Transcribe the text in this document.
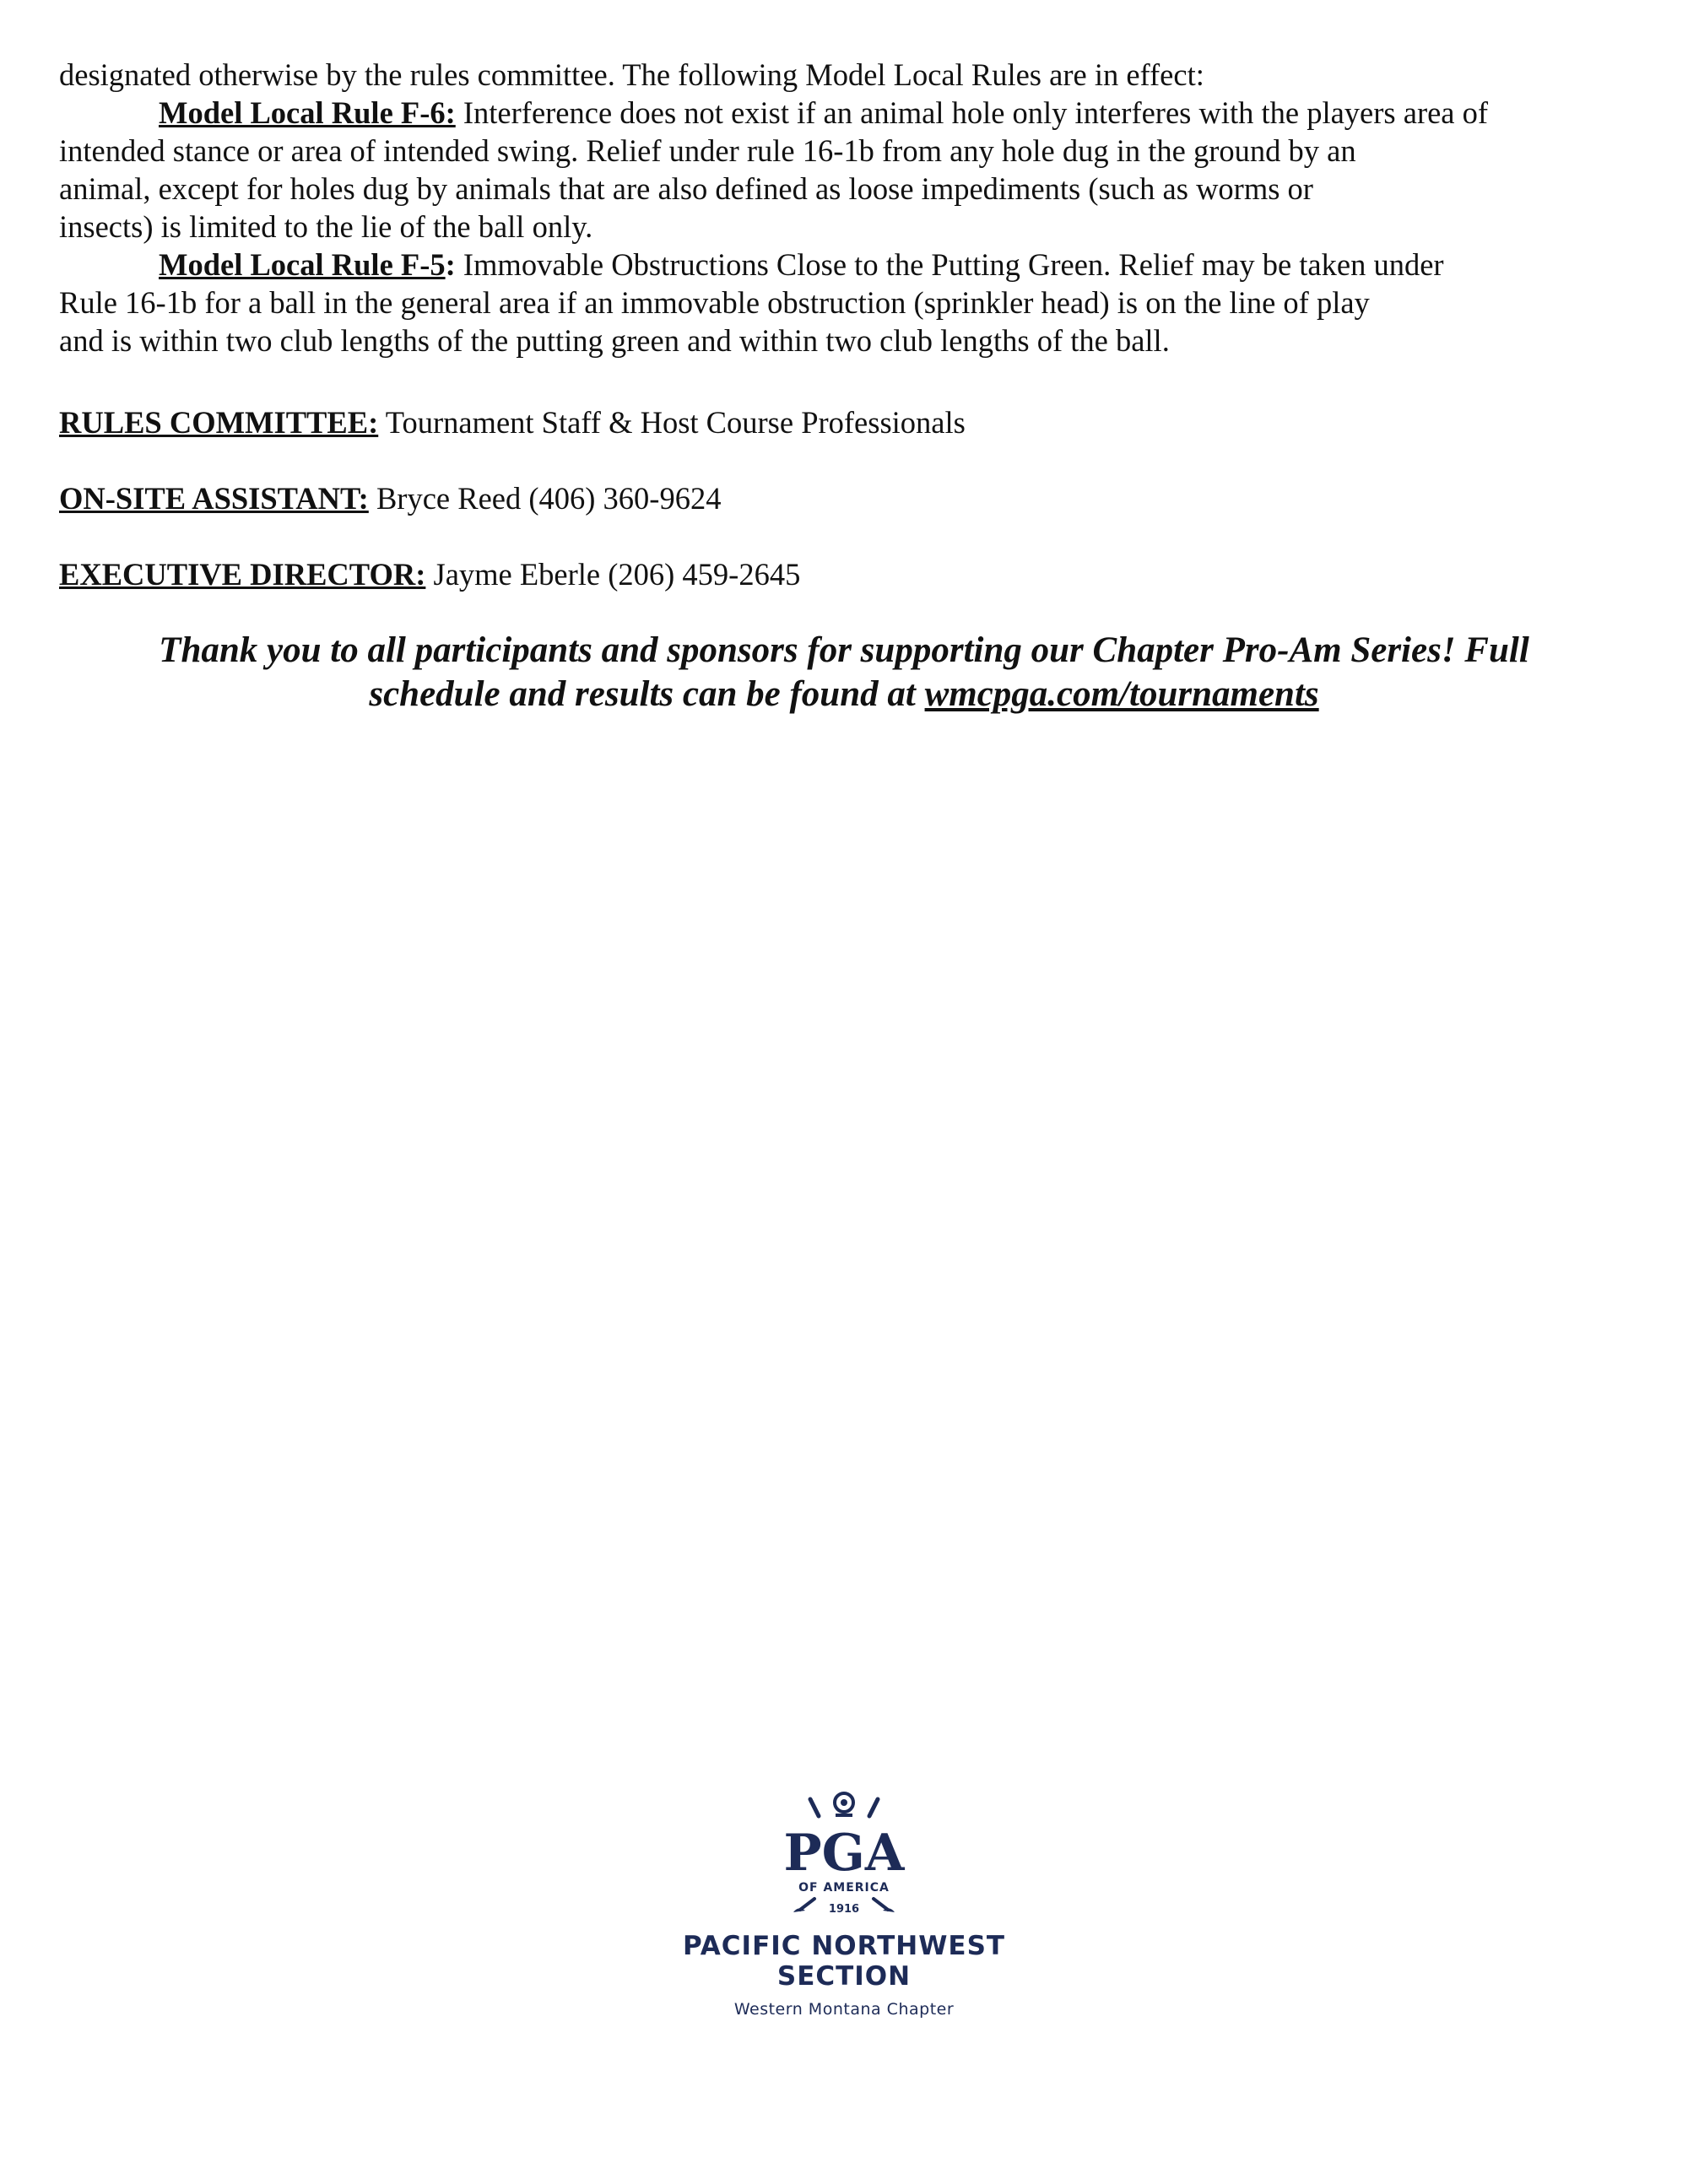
designated otherwise by the rules committee. The following Model Local Rules are in effect:
Model Local Rule F-6: Interference does not exist if an animal hole only interferes with the players area of
intended stance or area of intended swing. Relief under rule 16-1b from any hole dug in the ground by an
animal, except for holes dug by animals that are also defined as loose impediments (such as worms or
insects) is limited to the lie of the ball only.
Model Local Rule F-5: Immovable Obstructions Close to the Putting Green. Relief may be taken under
Rule 16-1b for a ball in the general area if an immovable obstruction (sprinkler head) is on the line of play
and is within two club lengths of the putting green and within two club lengths of the ball.
RULES COMMITTEE: Tournament Staff & Host Course Professionals
ON-SITE ASSISTANT: Bryce Reed (406) 360-9624
EXECUTIVE DIRECTOR: Jayme Eberle (206) 459-2645
Thank you to all participants and sponsors for supporting our Chapter Pro-Am Series! Full
schedule and results can be found at wmcpga.com/tournaments
PGA
OF AMERICA
1916
PACIFIC NORTHWEST
SECTION
Western Montana Chapter
